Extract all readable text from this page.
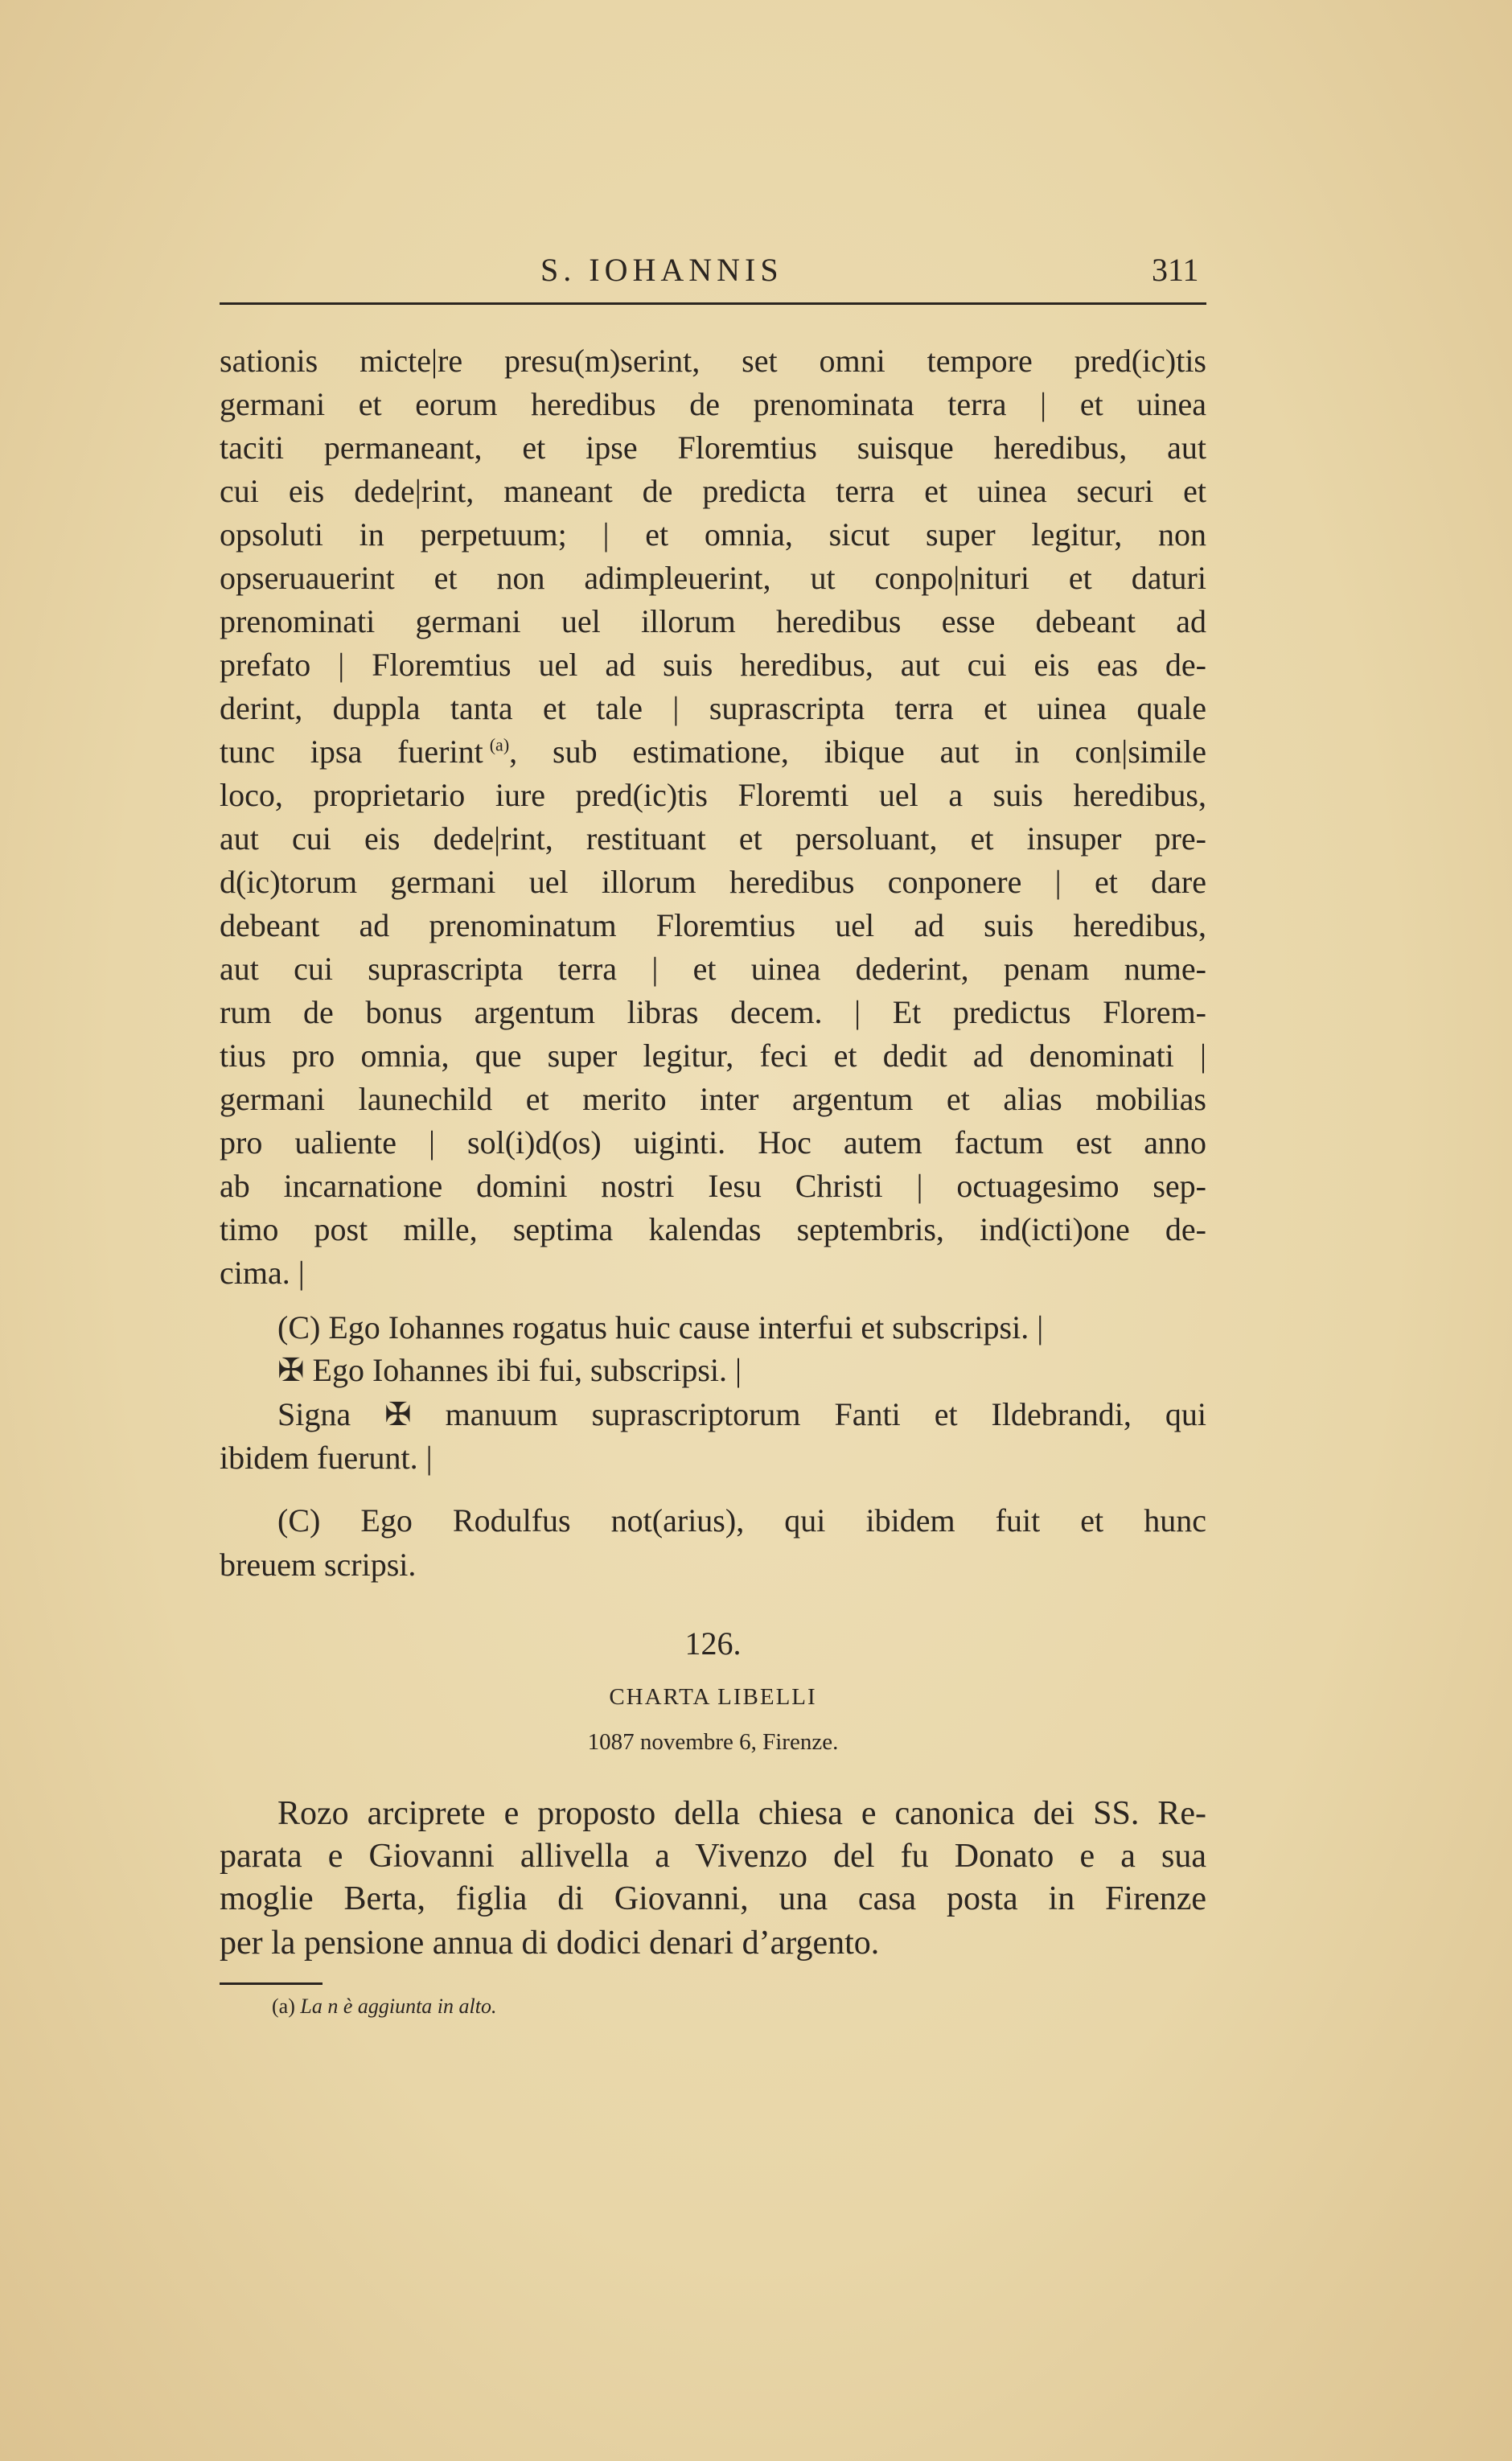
S. IOHANNIS	311
sationis micte|re presu(m)serint, set omni tempore pred(ic)tis
germani et eorum heredibus de prenominata terra | et uinea
taciti permaneant, et ipse Floremtius suisque heredibus, aut
cui eis dede|rint, maneant de predicta terra et uinea securi et
opsoluti in perpetuum; | et omnia, sicut super legitur, non
opseruauerint et non adimpleuerint, ut conpo|nituri et daturi
prenominati germani uel illorum heredibus esse debeant ad
prefato | Floremtius uel ad suis heredibus, aut cui eis eas de-
derint, duppla tanta et tale | suprascripta terra et uinea quale
tunc ipsa fuerint  $^{(a)}$, sub estimatione, ibique aut in con|simile
loco, proprietario iure pred(ic)tis Floremti uel a suis heredibus,
aut cui eis dede|rint, restituant et persoluant, et insuper pre-
d(ic)torum germani uel illorum heredibus conponere | et dare
debeant ad prenominatum Floremtius uel ad suis heredibus,
aut cui suprascripta terra | et uinea dederint, penam nume-
rum de bonus argentum libras decem. | Et predictus Florem-
tius pro omnia, que super legitur, feci et dedit ad denominati |
germani launechild et merito inter argentum et alias mobilias
pro ualiente | sol(i)d(os) uiginti. Hoc autem factum est anno
ab incarnatione domini nostri Iesu Christi | octuagesimo sep-
timo post mille, septima kalendas septembris, ind(icti)one de-
cima. |
(C) Ego Iohannes rogatus huic cause interfui et subscripsi. |
✠ Ego Iohannes ibi fui, subscripsi. |
Signa ✠ manuum suprascriptorum Fanti et Ildebrandi, qui
ibidem fuerunt. |
(C) Ego Rodulfus not(arius), qui ibidem fuit et hunc
breuem scripsi.
126.
CHARTA LIBELLI
1087 novembre 6, Firenze.
Rozo arciprete e proposto della chiesa e canonica dei SS. Re-
parata e Giovanni allivella a Vivenzo del fu Donato e a sua
moglie Berta, figlia di Giovanni, una casa posta in Firenze
per la pensione annua di dodici denari d’argento.
(a) La n è aggiunta in alto.
